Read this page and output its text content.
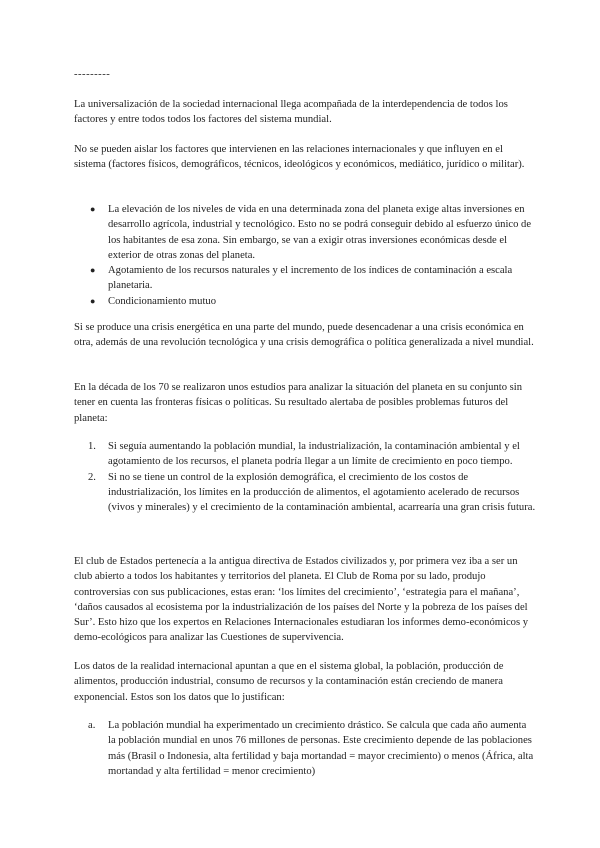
---------

La universalización de la sociedad internacional llega acompañada de la interdependencia de todos los factores y entre todos todos los factores del sistema mundial.

No se pueden aislar los factores que intervienen en las relaciones internacionales y que influyen en el sistema (factores físicos, demográficos, técnicos, ideológicos y económicos, mediático, jurídico o militar).

● La elevación de los niveles de vida en una determinada zona del planeta exige altas inversiones en desarrollo agrícola, industrial y tecnológico. Esto no se podrá conseguir debido al esfuerzo único de los habitantes de esa zona. Sin embargo, se van a exigir otras inversiones económicas desde el exterior de otras zonas del planeta.
● Agotamiento de los recursos naturales y el incremento de los índices de contaminación a escala planetaria.
● Condicionamiento mutuo

Si se produce una crisis energética en una parte del mundo, puede desencadenar a una crisis económica en otra, además de una revolución tecnológica y una crisis demográfica o política generalizada a nivel mundial.

En la década de los 70 se realizaron unos estudios para analizar la situación del planeta en su conjunto sin tener en cuenta las fronteras físicas o políticas. Su resultado alertaba de posibles problemas futuros del planeta:

1. Si seguía aumentando la población mundial, la industrialización, la contaminación ambiental y el agotamiento de los recursos, el planeta podría llegar a un límite de crecimiento en poco tiempo.
2. Si no se tiene un control de la explosión demográfica, el crecimiento de los costos de industrialización, los límites en la producción de alimentos, el agotamiento acelerado de recursos (vivos y minerales) y el crecimiento de la contaminación ambiental, acarrearía una gran crisis futura.

El club de Estados pertenecía a la antigua directiva de Estados civilizados y, por primera vez iba a ser un club abierto a todos los habitantes y territorios del planeta. El Club de Roma por su lado, produjo controversias con sus publicaciones, estas eran: ‘los límites del crecimiento’, ‘estrategia para el mañana’, ‘daños causados al ecosistema por la industrialización de los países del Norte y la pobreza de los países del Sur’. Esto hizo que los expertos en Relaciones Internacionales estudiaran los informes demo-económicos y demo-ecológicos para analizar las Cuestiones de supervivencia.

Los datos de la realidad internacional apuntan a que en el sistema global, la población, producción de alimentos, producción industrial, consumo de recursos y la contaminación están creciendo de manera exponencial. Estos son los datos que lo justifican:

a. La población mundial ha experimentado un crecimiento drástico. Se calcula que cada año aumenta la población mundial en unos 76 millones de personas. Este crecimiento depende de las poblaciones más (Brasil o Indonesia, alta fertilidad y baja mortandad = mayor crecimiento) o menos (África, alta mortandad y alta fertilidad = menor crecimiento)
